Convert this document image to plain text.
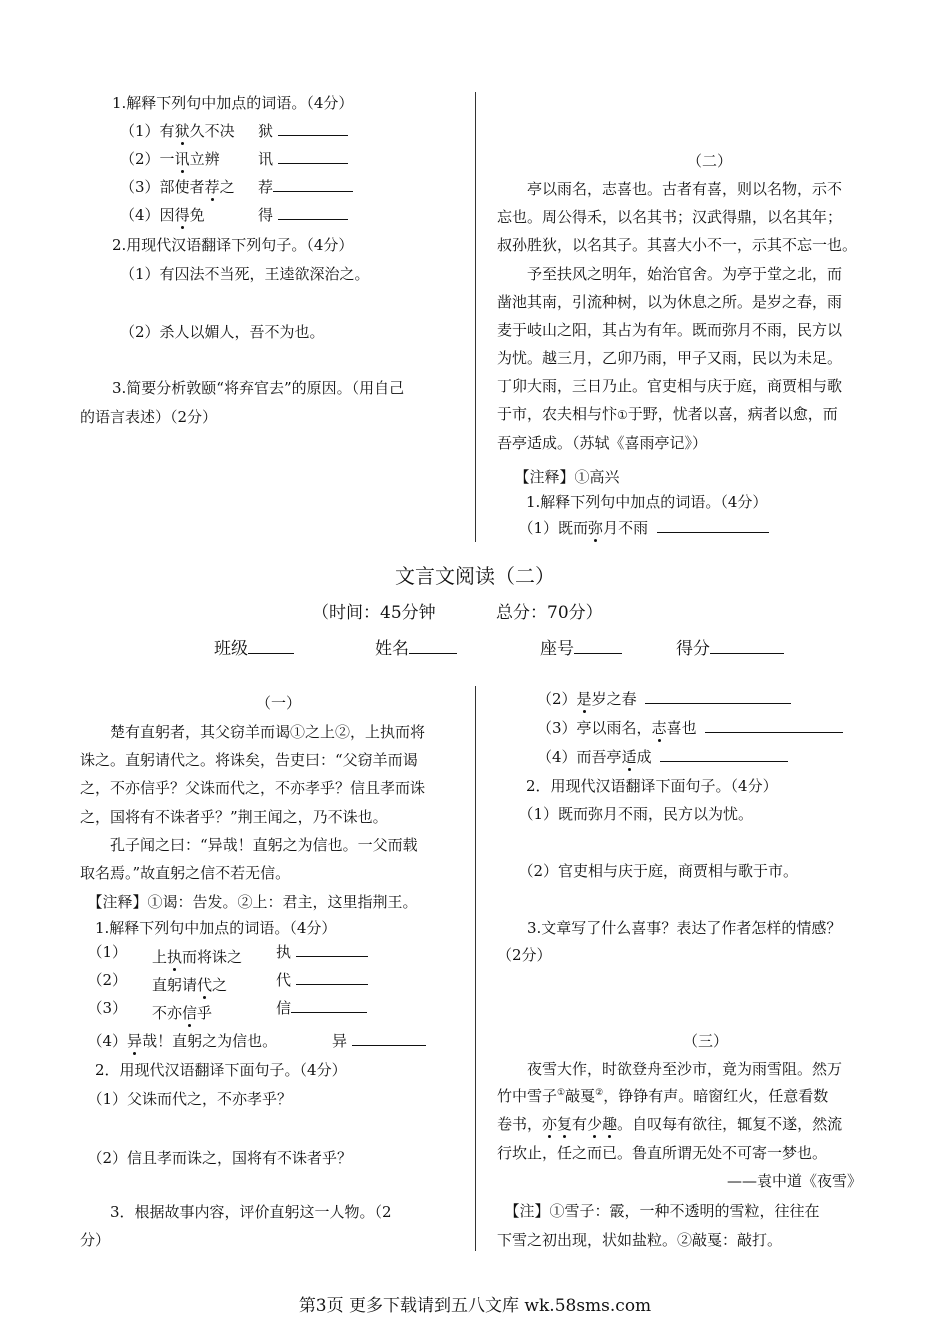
1.解释下列句中加点的词语。（4分）
（1）有狱久不决 狱
（2）一讯立辨	讯
（3）部使者荐之 荐
（4）因得免	得
2.用现代汉语翻译下列句子。（4分）
（1）有囚法不当死，王逵欲深治之。
（2）杀人以媚人，吾不为也。
3.简要分析敦颐“将弃官去”的原因。（用自己
的语言表述）（2分）
（二）
　　亭以雨名，志喜也。古者有喜，则以名物，示不
忘也。周公得禾，以名其书；汉武得鼎，以名其年；
叔孙胜狄，以名其子。其喜大小不一，示其不忘一也。
　　予至扶风之明年，始治官舍。为亭于堂之北，而
凿池其南，引流种树，以为休息之所。是岁之春，雨
麦于岐山之阳，其占为有年。既而弥月不雨，民方以
为忧。越三月，乙卯乃雨，甲子又雨，民以为未足。
丁卯大雨，三日乃止。官吏相与庆于庭，商贾相与歌
于市，农夫相与忭①于野，忧者以喜，病者以愈，而
吾亭适成。（苏轼《喜雨亭记》）
　【注释】①高兴
　1.解释下列句中加点的词语。（4分）
　（1）既而弥月不雨
文言文阅读（二）
（时间：45分钟	总分：70分）
班级	姓名	座号	得分
（一）
　　楚有直躬者，其父窃羊而谒①之上②，上执而将
诛之。直躬请代之。将诛矣，告吏曰：“父窃羊而谒
之，不亦信乎？父诛而代之，不亦孝乎？信且孝而诛
之，国将有不诛者乎？”荆王闻之，乃不诛也。
　　孔子闻之曰：“异哉！直躬之为信也。一父而载
取名焉。”故直躬之信不若无信。
　【注释】①谒：告发。②上：君主，这里指荆王。
　1.解释下列句中加点的词语。（4分）
　（1） 上执而将诛之 执
　（2） 直躬请代之	代
　（3） 不亦信乎	信
　（4）异哉！直躬之为信也。	异
　2．用现代汉语翻译下面句子。（4分）
　（1）父诛而代之，不亦孝乎？
　（2）信且孝而诛之，国将有不诛者乎？
　　3．根据故事内容，评价直躬这一人物。（2
分）
（2）是岁之春
（3）亭以雨名，志喜也
（4）而吾亭适成
　2．用现代汉语翻译下面句子。（4分）
　（1）既而弥月不雨，民方以为忧。
　（2）官吏相与庆于庭，商贾相与歌于市。
　　3.文章写了什么喜事？表达了作者怎样的情感？
（2分）
（三）
　　夜雪大作，时欲登舟至沙市，竟为雨雪阻。然万
竹中雪子①敲戛②，铮铮有声。暗窗红火，任意看数
卷书，亦复有少趣。自叹每有欲往，辄复不遂，然流
行坎止，任之而已。鲁直所谓无处不可寄一梦也。
——袁中道《夜雪》
　【注】①雪子：霰，一种不透明的雪粒，往往在
下雪之初出现，状如盐粒。②敲戛：敲打。
第3页 更多下载请到五八文库 wk.58sms.com
